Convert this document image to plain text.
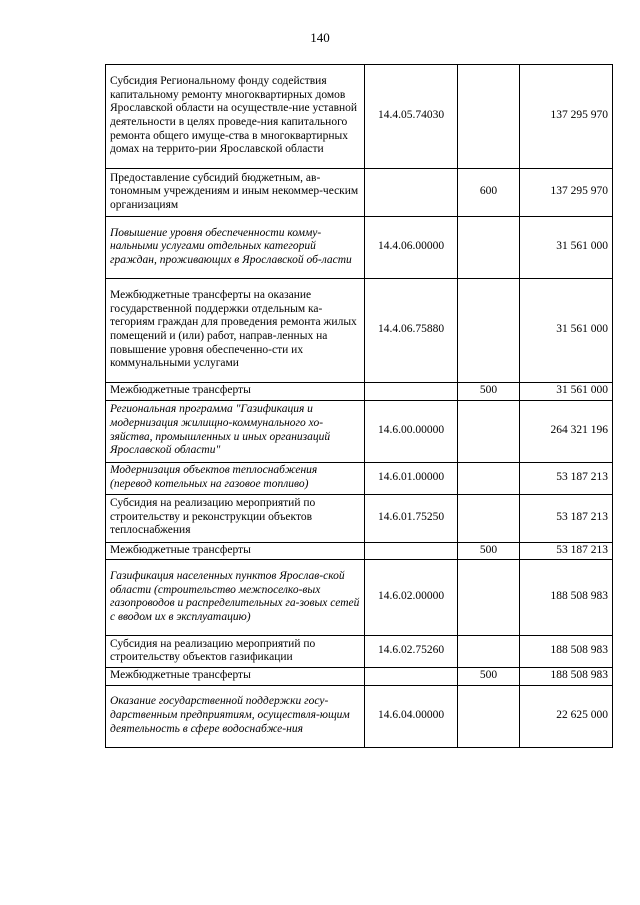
140
Субсидия Региональному фонду содействия капитальному ремонту многоквартирных домов Ярославской области на осуществле-ние уставной деятельности в целях проведе-ния капитального ремонта общего имуще-ства в многоквартирных домах на террито-рии Ярославской области	14.4.05.74030		137 295 970
Предоставление субсидий бюджетным, ав-тономным учреждениям и иным некоммер-ческим организациям		600	137 295 970
Повышение уровня обеспеченности комму-нальными услугами отдельных категорий граждан, проживающих в Ярославской об-ласти	14.4.06.00000		31 561 000
Межбюджетные трансферты на оказание государственной поддержки отдельным ка-тегориям граждан для проведения ремонта жилых помещений и (или) работ, направ-ленных на повышение уровня обеспеченно-сти их коммунальными услугами	14.4.06.75880		31 561 000
Межбюджетные трансферты		500	31 561 000
Региональная программа "Газификация и модернизация жилищно-коммунального хо-зяйства, промышленных и иных организаций Ярославской области"	14.6.00.00000		264 321 196
Модернизация объектов теплоснабжения (перевод котельных на газовое топливо)	14.6.01.00000		53 187 213
Субсидия на реализацию мероприятий по строительству и реконструкции объектов теплоснабжения	14.6.01.75250		53 187 213
Межбюджетные трансферты		500	53 187 213
Газификация населенных пунктов Ярослав-ской области (строительство межпоселко-вых газопроводов и распределительных га-зовых сетей с вводом их в эксплуатацию)	14.6.02.00000		188 508 983
Субсидия на реализацию мероприятий по строительству объектов газификации	14.6.02.75260		188 508 983
Межбюджетные трансферты		500	188 508 983
Оказание государственной поддержки госу-дарственным предприятиям, осуществля-ющим деятельность в сфере водоснабже-ния	14.6.04.00000		22 625 000
